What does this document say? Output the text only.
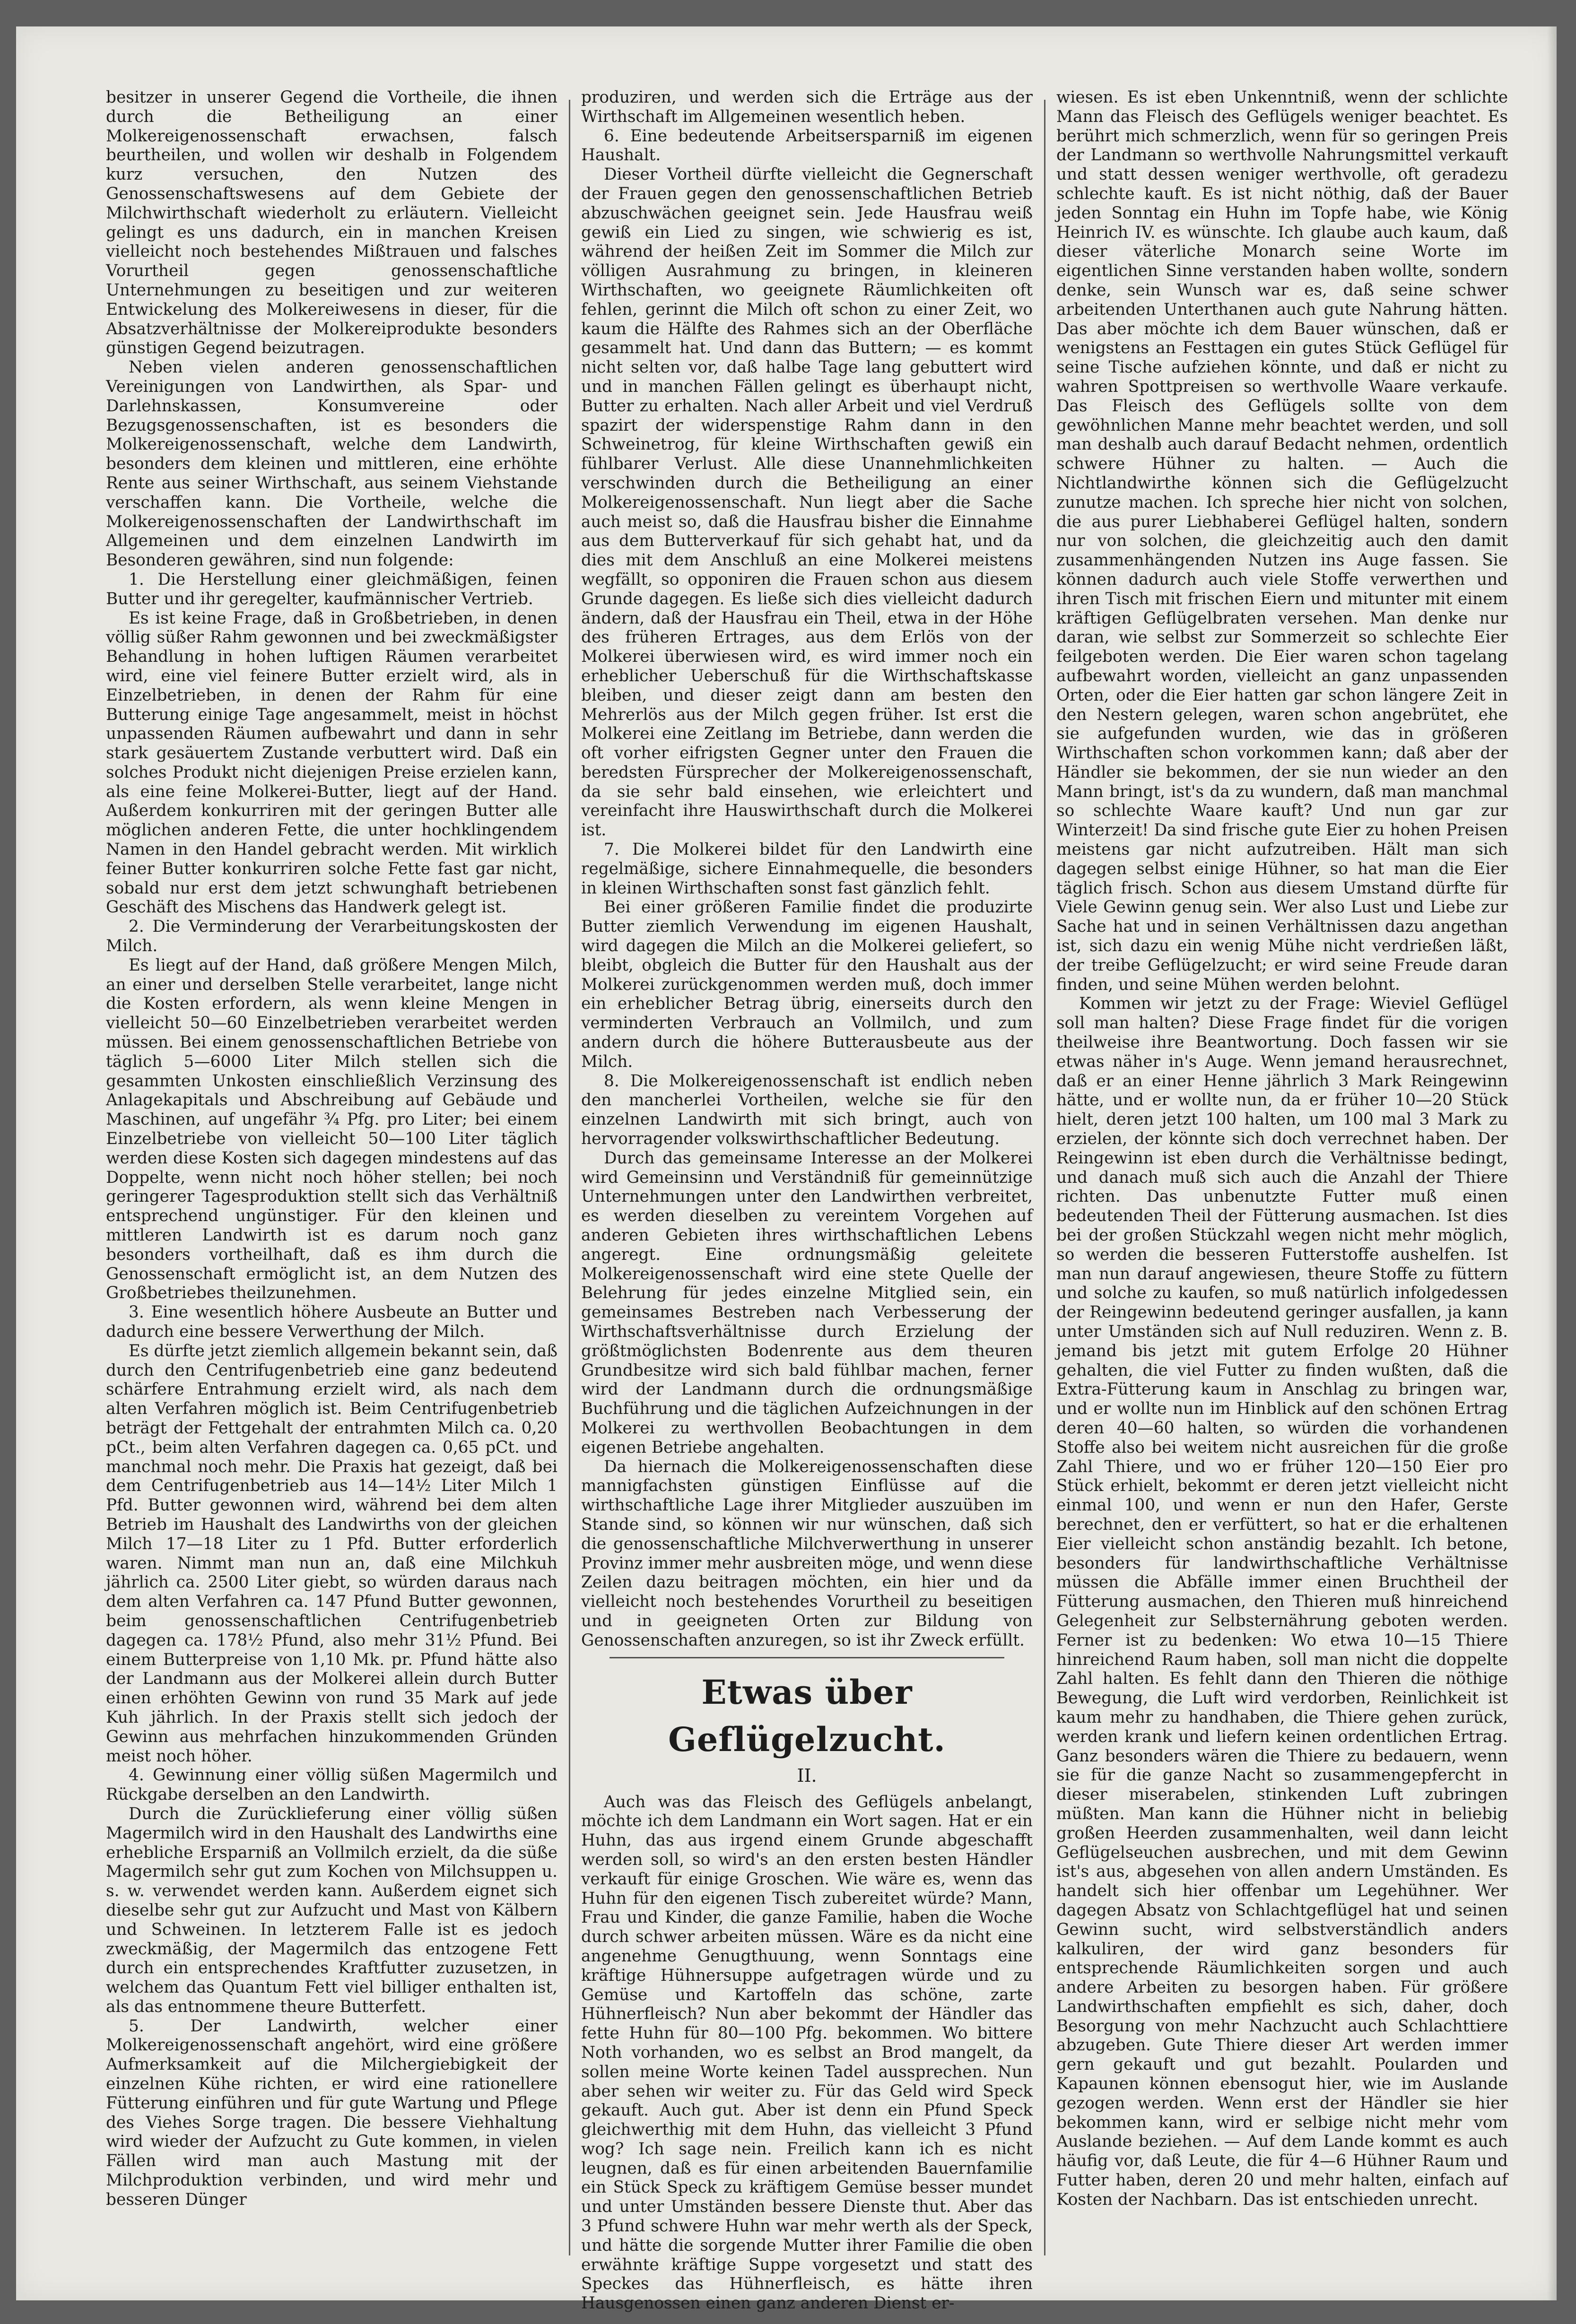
besitzer in unserer Gegend die Vortheile, die ihnen durch die Betheiligung an einer Molkereigenossenschaft erwachsen, falsch beurtheilen, und wollen wir deshalb in Folgendem kurz versuchen, den Nutzen des Genossenschaftswesens auf dem Gebiete der Milchwirthschaft wiederholt zu erläutern. Vielleicht gelingt es uns dadurch, ein in manchen Kreisen vielleicht noch bestehendes Mißtrauen und falsches Vorurtheil gegen genossenschaftliche Unternehmungen zu beseitigen und zur weiteren Entwickelung des Molkereiwesens in dieser, für die Absatzverhältnisse der Molkereiprodukte besonders günstigen Gegend beizutragen.

Neben vielen anderen genossenschaftlichen Vereinigungen von Landwirthen, als Spar- und Darlehnskassen, Konsumvereine oder Bezugsgenossenschaften, ist es besonders die Molkereigenossenschaft, welche dem Landwirth, besonders dem kleinen und mittleren, eine erhöhte Rente aus seiner Wirthschaft, aus seinem Viehstande verschaffen kann. Die Vortheile, welche die Molkereigenossenschaften der Landwirthschaft im Allgemeinen und dem einzelnen Landwirth im Besonderen gewähren, sind nun folgende:

1. Die Herstellung einer gleichmäßigen, feinen Butter und ihr geregelter, kaufmännischer Vertrieb.

Es ist keine Frage, daß in Großbetrieben, in denen völlig süßer Rahm gewonnen und bei zweckmäßigster Behandlung in hohen luftigen Räumen verarbeitet wird, eine viel feinere Butter erzielt wird, als in Einzelbetrieben, in denen der Rahm für eine Butterung einige Tage angesammelt, meist in höchst unpassenden Räumen aufbewahrt und dann in sehr stark gesäuertem Zustande verbuttert wird. Daß ein solches Produkt nicht diejenigen Preise erzielen kann, als eine feine Molkerei-Butter, liegt auf der Hand. Außerdem konkurriren mit der geringen Butter alle möglichen anderen Fette, die unter hochklingendem Namen in den Handel gebracht werden. Mit wirklich feiner Butter konkurriren solche Fette fast gar nicht, sobald nur erst dem jetzt schwunghaft betriebenen Geschäft des Mischens das Handwerk gelegt ist.

2. Die Verminderung der Verarbeitungskosten der Milch.

Es liegt auf der Hand, daß größere Mengen Milch, an einer und derselben Stelle verarbeitet, lange nicht die Kosten erfordern, als wenn kleine Mengen in vielleicht 50—60 Einzelbetrieben verarbeitet werden müssen. Bei einem genossenschaftlichen Betriebe von täglich 5—6000 Liter Milch stellen sich die gesammten Unkosten einschließlich Verzinsung des Anlagekapitals und Abschreibung auf Gebäude und Maschinen, auf ungefähr ¾ Pfg. pro Liter; bei einem Einzelbetriebe von vielleicht 50—100 Liter täglich werden diese Kosten sich dagegen mindestens auf das Doppelte, wenn nicht noch höher stellen; bei noch geringerer Tagesproduktion stellt sich das Verhältniß entsprechend ungünstiger. Für den kleinen und mittleren Landwirth ist es darum noch ganz besonders vortheilhaft, daß es ihm durch die Genossenschaft ermöglicht ist, an dem Nutzen des Großbetriebes theilzunehmen.

3. Eine wesentlich höhere Ausbeute an Butter und dadurch eine bessere Verwerthung der Milch.

Es dürfte jetzt ziemlich allgemein bekannt sein, daß durch den Centrifugenbetrieb eine ganz bedeutend schärfere Entrahmung erzielt wird, als nach dem alten Verfahren möglich ist. Beim Centrifugenbetrieb beträgt der Fettgehalt der entrahmten Milch ca. 0,20 pCt., beim alten Verfahren dagegen ca. 0,65 pCt. und manchmal noch mehr. Die Praxis hat gezeigt, daß bei dem Centrifugenbetrieb aus 14—14½ Liter Milch 1 Pfd. Butter gewonnen wird, während bei dem alten Betrieb im Haushalt des Landwirths von der gleichen Milch 17—18 Liter zu 1 Pfd. Butter erforderlich waren. Nimmt man nun an, daß eine Milchkuh jährlich ca. 2500 Liter giebt, so würden daraus nach dem alten Verfahren ca. 147 Pfund Butter gewonnen, beim genossenschaftlichen Centrifugenbetrieb dagegen ca. 178½ Pfund, also mehr 31½ Pfund. Bei einem Butterpreise von 1,10 Mk. pr. Pfund hätte also der Landmann aus der Molkerei allein durch Butter einen erhöhten Gewinn von rund 35 Mark auf jede Kuh jährlich. In der Praxis stellt sich jedoch der Gewinn aus mehrfachen hinzukommenden Gründen meist noch höher.

4. Gewinnung einer völlig süßen Magermilch und Rückgabe derselben an den Landwirth.

Durch die Zurücklieferung einer völlig süßen Magermilch wird in den Haushalt des Landwirths eine erhebliche Ersparniß an Vollmilch erzielt, da die süße Magermilch sehr gut zum Kochen von Milchsuppen u. s. w. verwendet werden kann. Außerdem eignet sich dieselbe sehr gut zur Aufzucht und Mast von Kälbern und Schweinen. In letzterem Falle ist es jedoch zweckmäßig, der Magermilch das entzogene Fett durch ein entsprechendes Kraftfutter zuzusetzen, in welchem das Quantum Fett viel billiger enthalten ist, als das entnommene theure Butterfett.

5. Der Landwirth, welcher einer Molkereigenossenschaft angehört, wird eine größere Aufmerksamkeit auf die Milchergiebigkeit der einzelnen Kühe richten, er wird eine rationellere Fütterung einführen und für gute Wartung und Pflege des Viehes Sorge tragen. Die bessere Viehhaltung wird wieder der Aufzucht zu Gute kommen, in vielen Fällen wird man auch Mastung mit der Milchproduktion verbinden, und wird mehr und besseren Dünger

produziren, und werden sich die Erträge aus der Wirthschaft im Allgemeinen wesentlich heben.

6. Eine bedeutende Arbeitsersparniß im eigenen Haushalt.

Dieser Vortheil dürfte vielleicht die Gegnerschaft der Frauen gegen den genossenschaftlichen Betrieb abzuschwächen geeignet sein. Jede Hausfrau weiß gewiß ein Lied zu singen, wie schwierig es ist, während der heißen Zeit im Sommer die Milch zur völligen Ausrahmung zu bringen, in kleineren Wirthschaften, wo geeignete Räumlichkeiten oft fehlen, gerinnt die Milch oft schon zu einer Zeit, wo kaum die Hälfte des Rahmes sich an der Oberfläche gesammelt hat. Und dann das Buttern; — es kommt nicht selten vor, daß halbe Tage lang gebuttert wird und in manchen Fällen gelingt es überhaupt nicht, Butter zu erhalten. Nach aller Arbeit und viel Verdruß spazirt der widerspenstige Rahm dann in den Schweinetrog, für kleine Wirthschaften gewiß ein fühlbarer Verlust. Alle diese Unannehmlichkeiten verschwinden durch die Betheiligung an einer Molkereigenossenschaft. Nun liegt aber die Sache auch meist so, daß die Hausfrau bisher die Einnahme aus dem Butterverkauf für sich gehabt hat, und da dies mit dem Anschluß an eine Molkerei meistens wegfällt, so opponiren die Frauen schon aus diesem Grunde dagegen. Es ließe sich dies vielleicht dadurch ändern, daß der Hausfrau ein Theil, etwa in der Höhe des früheren Ertrages, aus dem Erlös von der Molkerei überwiesen wird, es wird immer noch ein erheblicher Ueberschuß für die Wirthschaftskasse bleiben, und dieser zeigt dann am besten den Mehrerlös aus der Milch gegen früher. Ist erst die Molkerei eine Zeitlang im Betriebe, dann werden die oft vorher eifrigsten Gegner unter den Frauen die beredsten Fürsprecher der Molkereigenossenschaft, da sie sehr bald einsehen, wie erleichtert und vereinfacht ihre Hauswirthschaft durch die Molkerei ist.

7. Die Molkerei bildet für den Landwirth eine regelmäßige, sichere Einnahmequelle, die besonders in kleinen Wirthschaften sonst fast gänzlich fehlt.

Bei einer größeren Familie findet die produzirte Butter ziemlich Verwendung im eigenen Haushalt, wird dagegen die Milch an die Molkerei geliefert, so bleibt, obgleich die Butter für den Haushalt aus der Molkerei zurückgenommen werden muß, doch immer ein erheblicher Betrag übrig, einerseits durch den verminderten Verbrauch an Vollmilch, und zum andern durch die höhere Butterausbeute aus der Milch.

8. Die Molkereigenossenschaft ist endlich neben den mancherlei Vortheilen, welche sie für den einzelnen Landwirth mit sich bringt, auch von hervorragender volkswirthschaftlicher Bedeutung.

Durch das gemeinsame Interesse an der Molkerei wird Gemeinsinn und Verständniß für gemeinnützige Unternehmungen unter den Landwirthen verbreitet, es werden dieselben zu vereintem Vorgehen auf anderen Gebieten ihres wirthschaftlichen Lebens angeregt. Eine ordnungsmäßig geleitete Molkereigenossenschaft wird eine stete Quelle der Belehrung für jedes einzelne Mitglied sein, ein gemeinsames Bestreben nach Verbesserung der Wirthschaftsverhältnisse durch Erzielung der größtmöglichsten Bodenrente aus dem theuren Grundbesitze wird sich bald fühlbar machen, ferner wird der Landmann durch die ordnungsmäßige Buchführung und die täglichen Aufzeichnungen in der Molkerei zu werthvollen Beobachtungen in dem eigenen Betriebe angehalten.

Da hiernach die Molkereigenossenschaften diese mannigfachsten günstigen Einflüsse auf die wirthschaftliche Lage ihrer Mitglieder auszuüben im Stande sind, so können wir nur wünschen, daß sich die genossenschaftliche Milchverwerthung in unserer Provinz immer mehr ausbreiten möge, und wenn diese Zeilen dazu beitragen möchten, ein hier und da vielleicht noch bestehendes Vorurtheil zu beseitigen und in geeigneten Orten zur Bildung von Genossenschaften anzuregen, so ist ihr Zweck erfüllt.

Etwas über Geflügelzucht.
II.

Auch was das Fleisch des Geflügels anbelangt, möchte ich dem Landmann ein Wort sagen. Hat er ein Huhn, das aus irgend einem Grunde abgeschafft werden soll, so wird's an den ersten besten Händler verkauft für einige Groschen. Wie wäre es, wenn das Huhn für den eigenen Tisch zubereitet würde? Mann, Frau und Kinder, die ganze Familie, haben die Woche durch schwer arbeiten müssen. Wäre es da nicht eine angenehme Genugthuung, wenn Sonntags eine kräftige Hühnersuppe aufgetragen würde und zu Gemüse und Kartoffeln das schöne, zarte Hühnerfleisch? Nun aber bekommt der Händler das fette Huhn für 80—100 Pfg. bekommen. Wo bittere Noth vorhanden, wo es selbst an Brod mangelt, da sollen meine Worte keinen Tadel aussprechen. Nun aber sehen wir weiter zu. Für das Geld wird Speck gekauft. Auch gut. Aber ist denn ein Pfund Speck gleichwerthig mit dem Huhn, das vielleicht 3 Pfund wog? Ich sage nein. Freilich kann ich es nicht leugnen, daß es für einen arbeitenden Bauernfamilie ein Stück Speck zu kräftigem Gemüse besser mundet und unter Umständen bessere Dienste thut. Aber das 3 Pfund schwere Huhn war mehr werth als der Speck, und hätte die sorgende Mutter ihrer Familie die oben erwähnte kräftige Suppe vorgesetzt und statt des Speckes das Hühnerfleisch, es hätte ihren Hausgenossen einen ganz anderen Dienst er-

wiesen. Es ist eben Unkenntniß, wenn der schlichte Mann das Fleisch des Geflügels weniger beachtet. Es berührt mich schmerzlich, wenn für so geringen Preis der Landmann so werthvolle Nahrungsmittel verkauft und statt dessen weniger werthvolle, oft geradezu schlechte kauft. Es ist nicht nöthig, daß der Bauer jeden Sonntag ein Huhn im Topfe habe, wie König Heinrich IV. es wünschte. Ich glaube auch kaum, daß dieser väterliche Monarch seine Worte im eigentlichen Sinne verstanden haben wollte, sondern denke, sein Wunsch war es, daß seine schwer arbeitenden Unterthanen auch gute Nahrung hätten. Das aber möchte ich dem Bauer wünschen, daß er wenigstens an Festtagen ein gutes Stück Geflügel für seine Tische aufziehen könnte, und daß er nicht zu wahren Spottpreisen so werthvolle Waare verkaufe. Das Fleisch des Geflügels sollte von dem gewöhnlichen Manne mehr beachtet werden, und soll man deshalb auch darauf Bedacht nehmen, ordentlich schwere Hühner zu halten. — Auch die Nichtlandwirthe können sich die Geflügelzucht zunutze machen. Ich spreche hier nicht von solchen, die aus purer Liebhaberei Geflügel halten, sondern nur von solchen, die gleichzeitig auch den damit zusammenhängenden Nutzen ins Auge fassen. Sie können dadurch auch viele Stoffe verwerthen und ihren Tisch mit frischen Eiern und mitunter mit einem kräftigen Geflügelbraten versehen. Man denke nur daran, wie selbst zur Sommerzeit so schlechte Eier feilgeboten werden. Die Eier waren schon tagelang aufbewahrt worden, vielleicht an ganz unpassenden Orten, oder die Eier hatten gar schon längere Zeit in den Nestern gelegen, waren schon angebrütet, ehe sie aufgefunden wurden, wie das in größeren Wirthschaften schon vorkommen kann; daß aber der Händler sie bekommen, der sie nun wieder an den Mann bringt, ist's da zu wundern, daß man manchmal so schlechte Waare kauft? Und nun gar zur Winterzeit! Da sind frische gute Eier zu hohen Preisen meistens gar nicht aufzutreiben. Hält man sich dagegen selbst einige Hühner, so hat man die Eier täglich frisch. Schon aus diesem Umstand dürfte für Viele Gewinn genug sein. Wer also Lust und Liebe zur Sache hat und in seinen Verhältnissen dazu angethan ist, sich dazu ein wenig Mühe nicht verdrießen läßt, der treibe Geflügelzucht; er wird seine Freude daran finden, und seine Mühen werden belohnt.

Kommen wir jetzt zu der Frage: Wieviel Geflügel soll man halten? Diese Frage findet für die vorigen theilweise ihre Beantwortung. Doch fassen wir sie etwas näher in's Auge. Wenn jemand herausrechnet, daß er an einer Henne jährlich 3 Mark Reingewinn hätte, und er wollte nun, da er früher 10—20 Stück hielt, deren jetzt 100 halten, um 100 mal 3 Mark zu erzielen, der könnte sich doch verrechnet haben. Der Reingewinn ist eben durch die Verhältnisse bedingt, und danach muß sich auch die Anzahl der Thiere richten. Das unbenutzte Futter muß einen bedeutenden Theil der Fütterung ausmachen. Ist dies bei der großen Stückzahl wegen nicht mehr möglich, so werden die besseren Futterstoffe aushelfen. Ist man nun darauf angewiesen, theure Stoffe zu füttern und solche zu kaufen, so muß natürlich infolgedessen der Reingewinn bedeutend geringer ausfallen, ja kann unter Umständen sich auf Null reduziren. Wenn z. B. jemand bis jetzt mit gutem Erfolge 20 Hühner gehalten, die viel Futter zu finden wußten, daß die Extra-Fütterung kaum in Anschlag zu bringen war, und er wollte nun im Hinblick auf den schönen Ertrag deren 40—60 halten, so würden die vorhandenen Stoffe also bei weitem nicht ausreichen für die große Zahl Thiere, und wo er früher 120—150 Eier pro Stück erhielt, bekommt er deren jetzt vielleicht nicht einmal 100, und wenn er nun den Hafer, Gerste berechnet, den er verfüttert, so hat er die erhaltenen Eier vielleicht schon anständig bezahlt. Ich betone, besonders für landwirthschaftliche Verhältnisse müssen die Abfälle immer einen Bruchtheil der Fütterung ausmachen, den Thieren muß hinreichend Gelegenheit zur Selbsternährung geboten werden. Ferner ist zu bedenken: Wo etwa 10—15 Thiere hinreichend Raum haben, soll man nicht die doppelte Zahl halten. Es fehlt dann den Thieren die nöthige Bewegung, die Luft wird verdorben, Reinlichkeit ist kaum mehr zu handhaben, die Thiere gehen zurück, werden krank und liefern keinen ordentlichen Ertrag. Ganz besonders wären die Thiere zu bedauern, wenn sie für die ganze Nacht so zusammengepfercht in dieser miserabelen, stinkenden Luft zubringen müßten. Man kann die Hühner nicht in beliebig großen Heerden zusammenhalten, weil dann leicht Geflügelseuchen ausbrechen, und mit dem Gewinn ist's aus, abgesehen von allen andern Umständen. Es handelt sich hier offenbar um Legehühner. Wer dagegen Absatz von Schlachtgeflügel hat und seinen Gewinn sucht, wird selbstverständlich anders kalkuliren, der wird ganz besonders für entsprechende Räumlichkeiten sorgen und auch andere Arbeiten zu besorgen haben. Für größere Landwirthschaften empfiehlt es sich, daher, doch Besorgung von mehr Nachzucht auch Schlachttiere abzugeben. Gute Thiere dieser Art werden immer gern gekauft und gut bezahlt. Poularden und Kapaunen können ebensogut hier, wie im Auslande gezogen werden. Wenn erst der Händler sie hier bekommen kann, wird er selbige nicht mehr vom Auslande beziehen. — Auf dem Lande kommt es auch häufig vor, daß Leute, die für 4—6 Hühner Raum und Futter haben, deren 20 und mehr halten, einfach auf Kosten der Nachbarn. Das ist entschieden unrecht.
